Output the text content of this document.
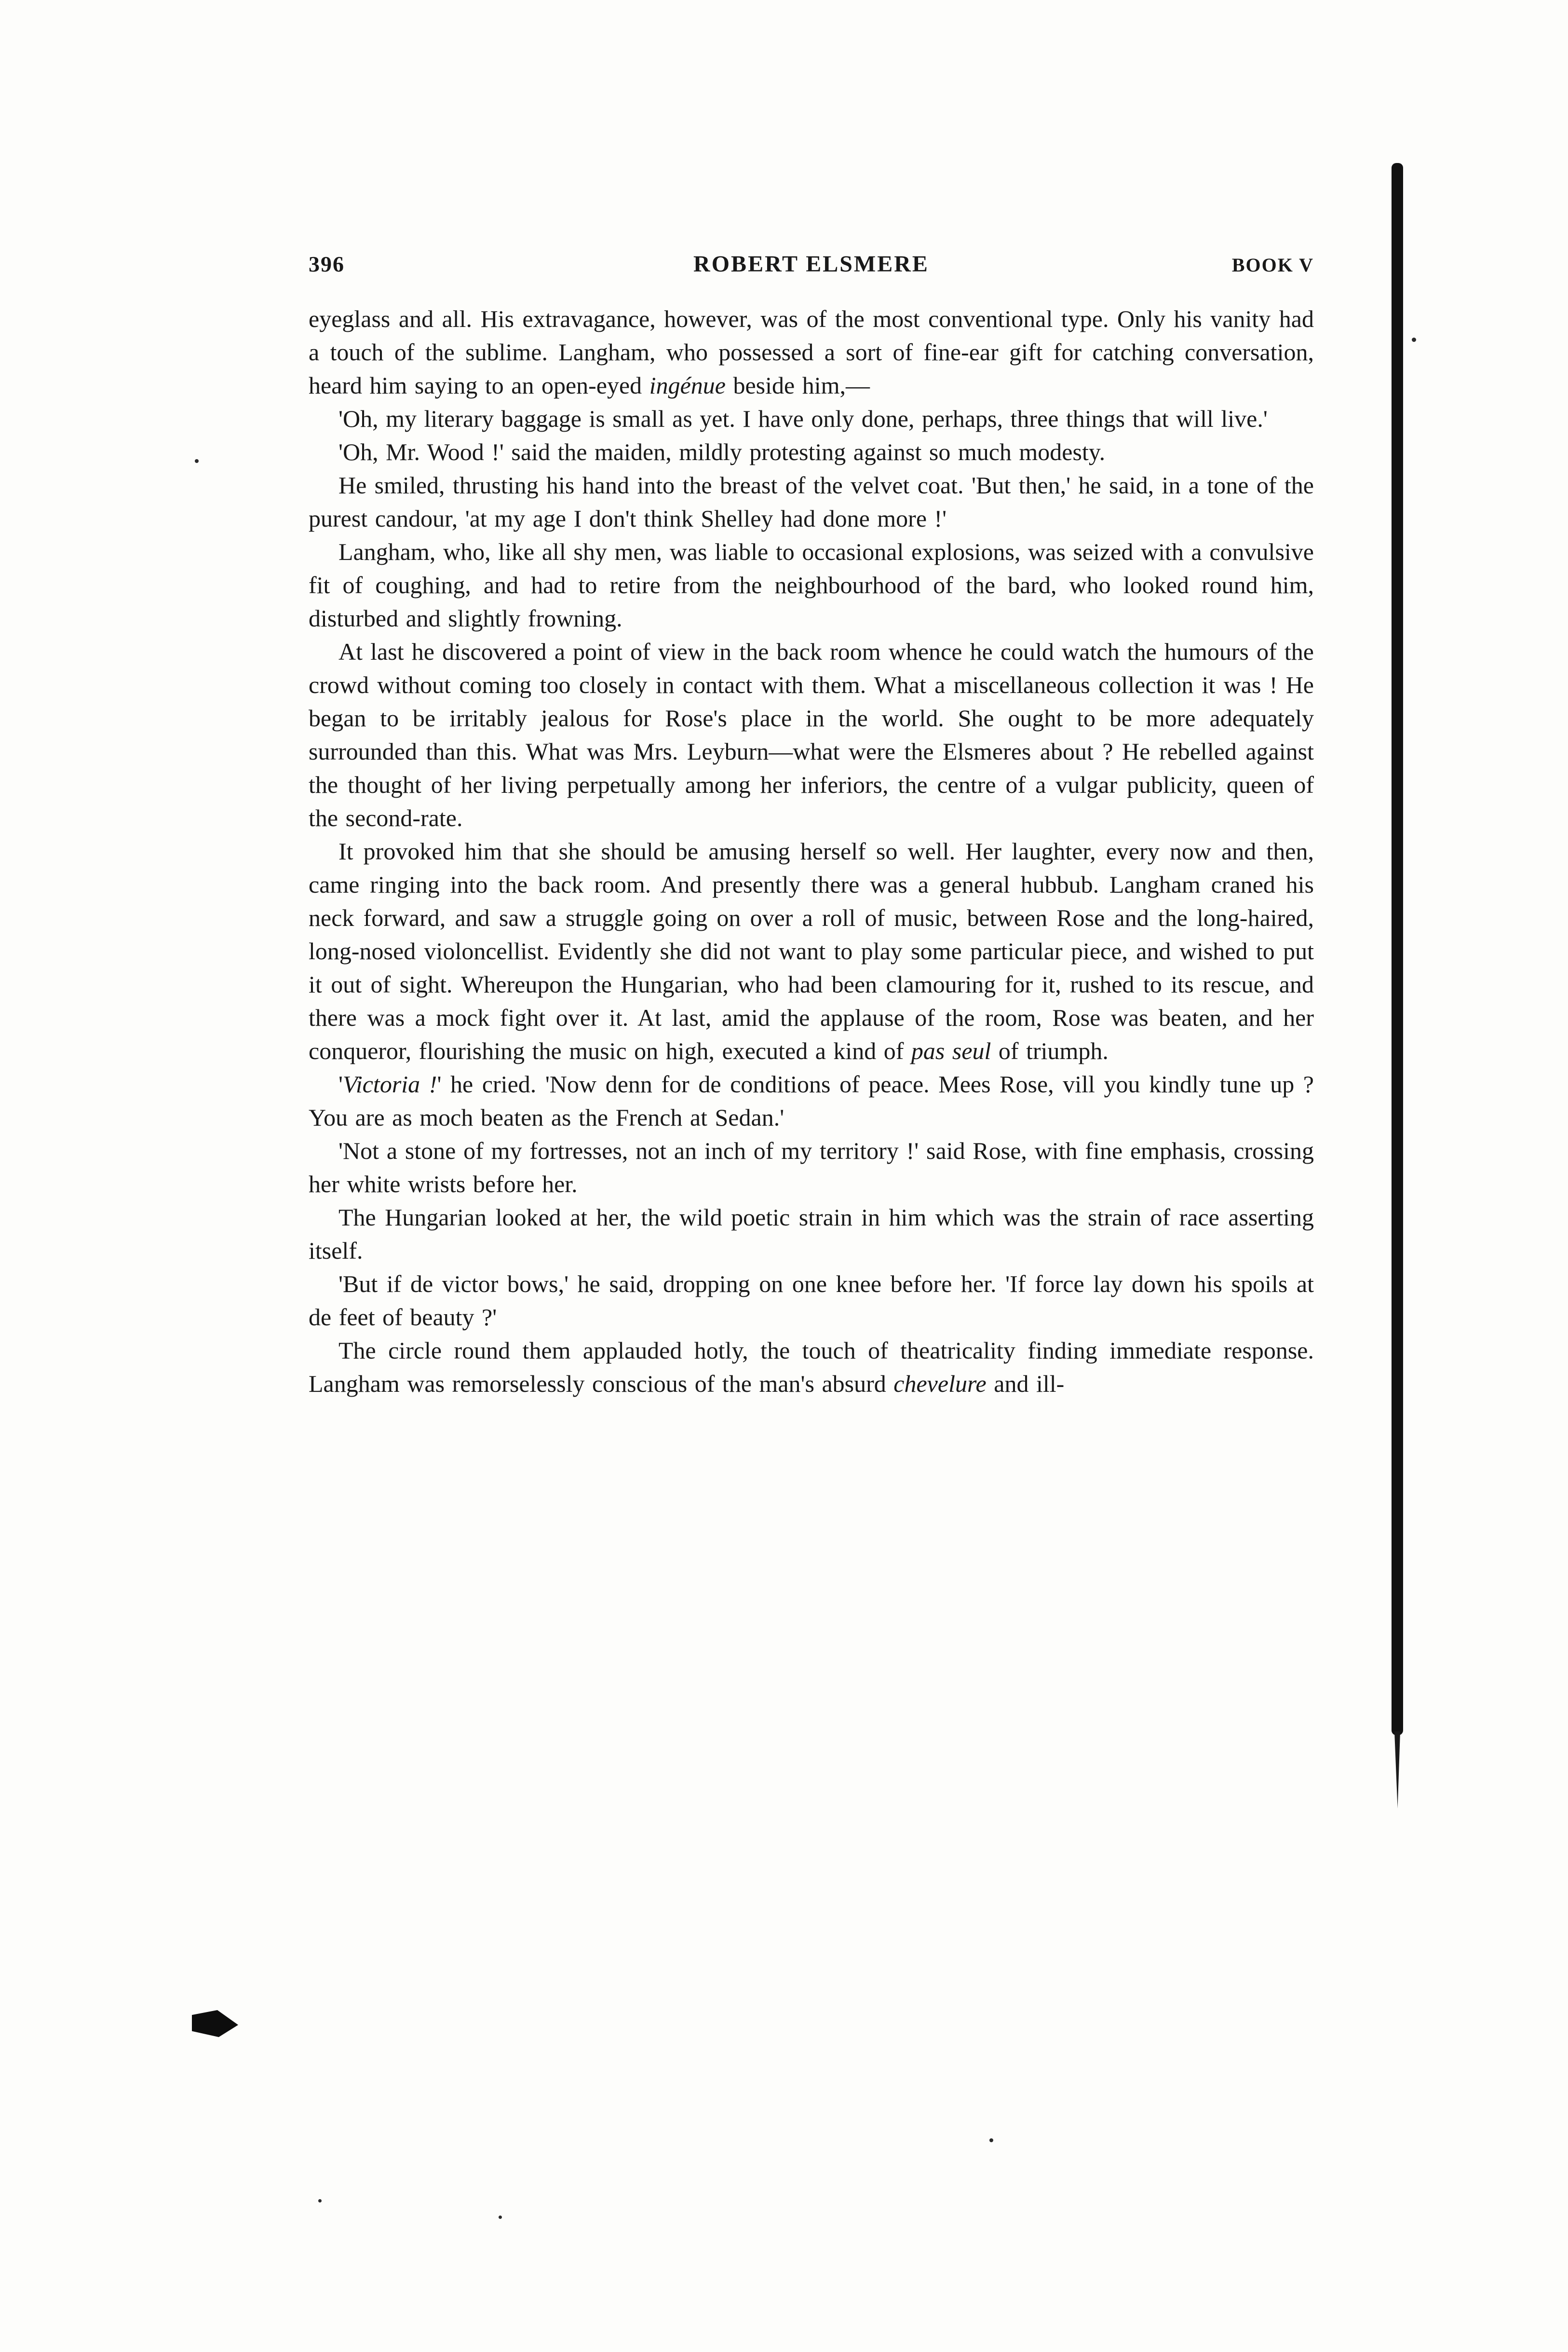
396	ROBERT ELSMERE	BOOK V

eyeglass and all. His extravagance, however, was of the most conventional type. Only his vanity had a touch of the sublime. Langham, who possessed a sort of fine-ear gift for catching conversation, heard him saying to an open-eyed ingénue beside him,—

'Oh, my literary baggage is small as yet. I have only done, perhaps, three things that will live.'

'Oh, Mr. Wood !' said the maiden, mildly protesting against so much modesty.

He smiled, thrusting his hand into the breast of the velvet coat. 'But then,' he said, in a tone of the purest candour, 'at my age I don't think Shelley had done more !'

Langham, who, like all shy men, was liable to occasional explosions, was seized with a convulsive fit of coughing, and had to retire from the neighbourhood of the bard, who looked round him, disturbed and slightly frowning.

At last he discovered a point of view in the back room whence he could watch the humours of the crowd without coming too closely in contact with them. What a miscellaneous collection it was ! He began to be irritably jealous for Rose's place in the world. She ought to be more adequately surrounded than this. What was Mrs. Leyburn—what were the Elsmeres about ? He rebelled against the thought of her living perpetually among her inferiors, the centre of a vulgar publicity, queen of the second-rate.

It provoked him that she should be amusing herself so well. Her laughter, every now and then, came ringing into the back room. And presently there was a general hubbub. Langham craned his neck forward, and saw a struggle going on over a roll of music, between Rose and the long-haired, long-nosed violoncellist. Evidently she did not want to play some particular piece, and wished to put it out of sight. Whereupon the Hungarian, who had been clamouring for it, rushed to its rescue, and there was a mock fight over it. At last, amid the applause of the room, Rose was beaten, and her conqueror, flourishing the music on high, executed a kind of pas seul of triumph.

'Victoria !' he cried. 'Now denn for de conditions of peace. Mees Rose, vill you kindly tune up ? You are as moch beaten as the French at Sedan.'

'Not a stone of my fortresses, not an inch of my territory !' said Rose, with fine emphasis, crossing her white wrists before her.

The Hungarian looked at her, the wild poetic strain in him which was the strain of race asserting itself.

'But if de victor bows,' he said, dropping on one knee before her. 'If force lay down his spoils at de feet of beauty ?'

The circle round them applauded hotly, the touch of theatricality finding immediate response. Langham was remorselessly conscious of the man's absurd chevelure and ill-
